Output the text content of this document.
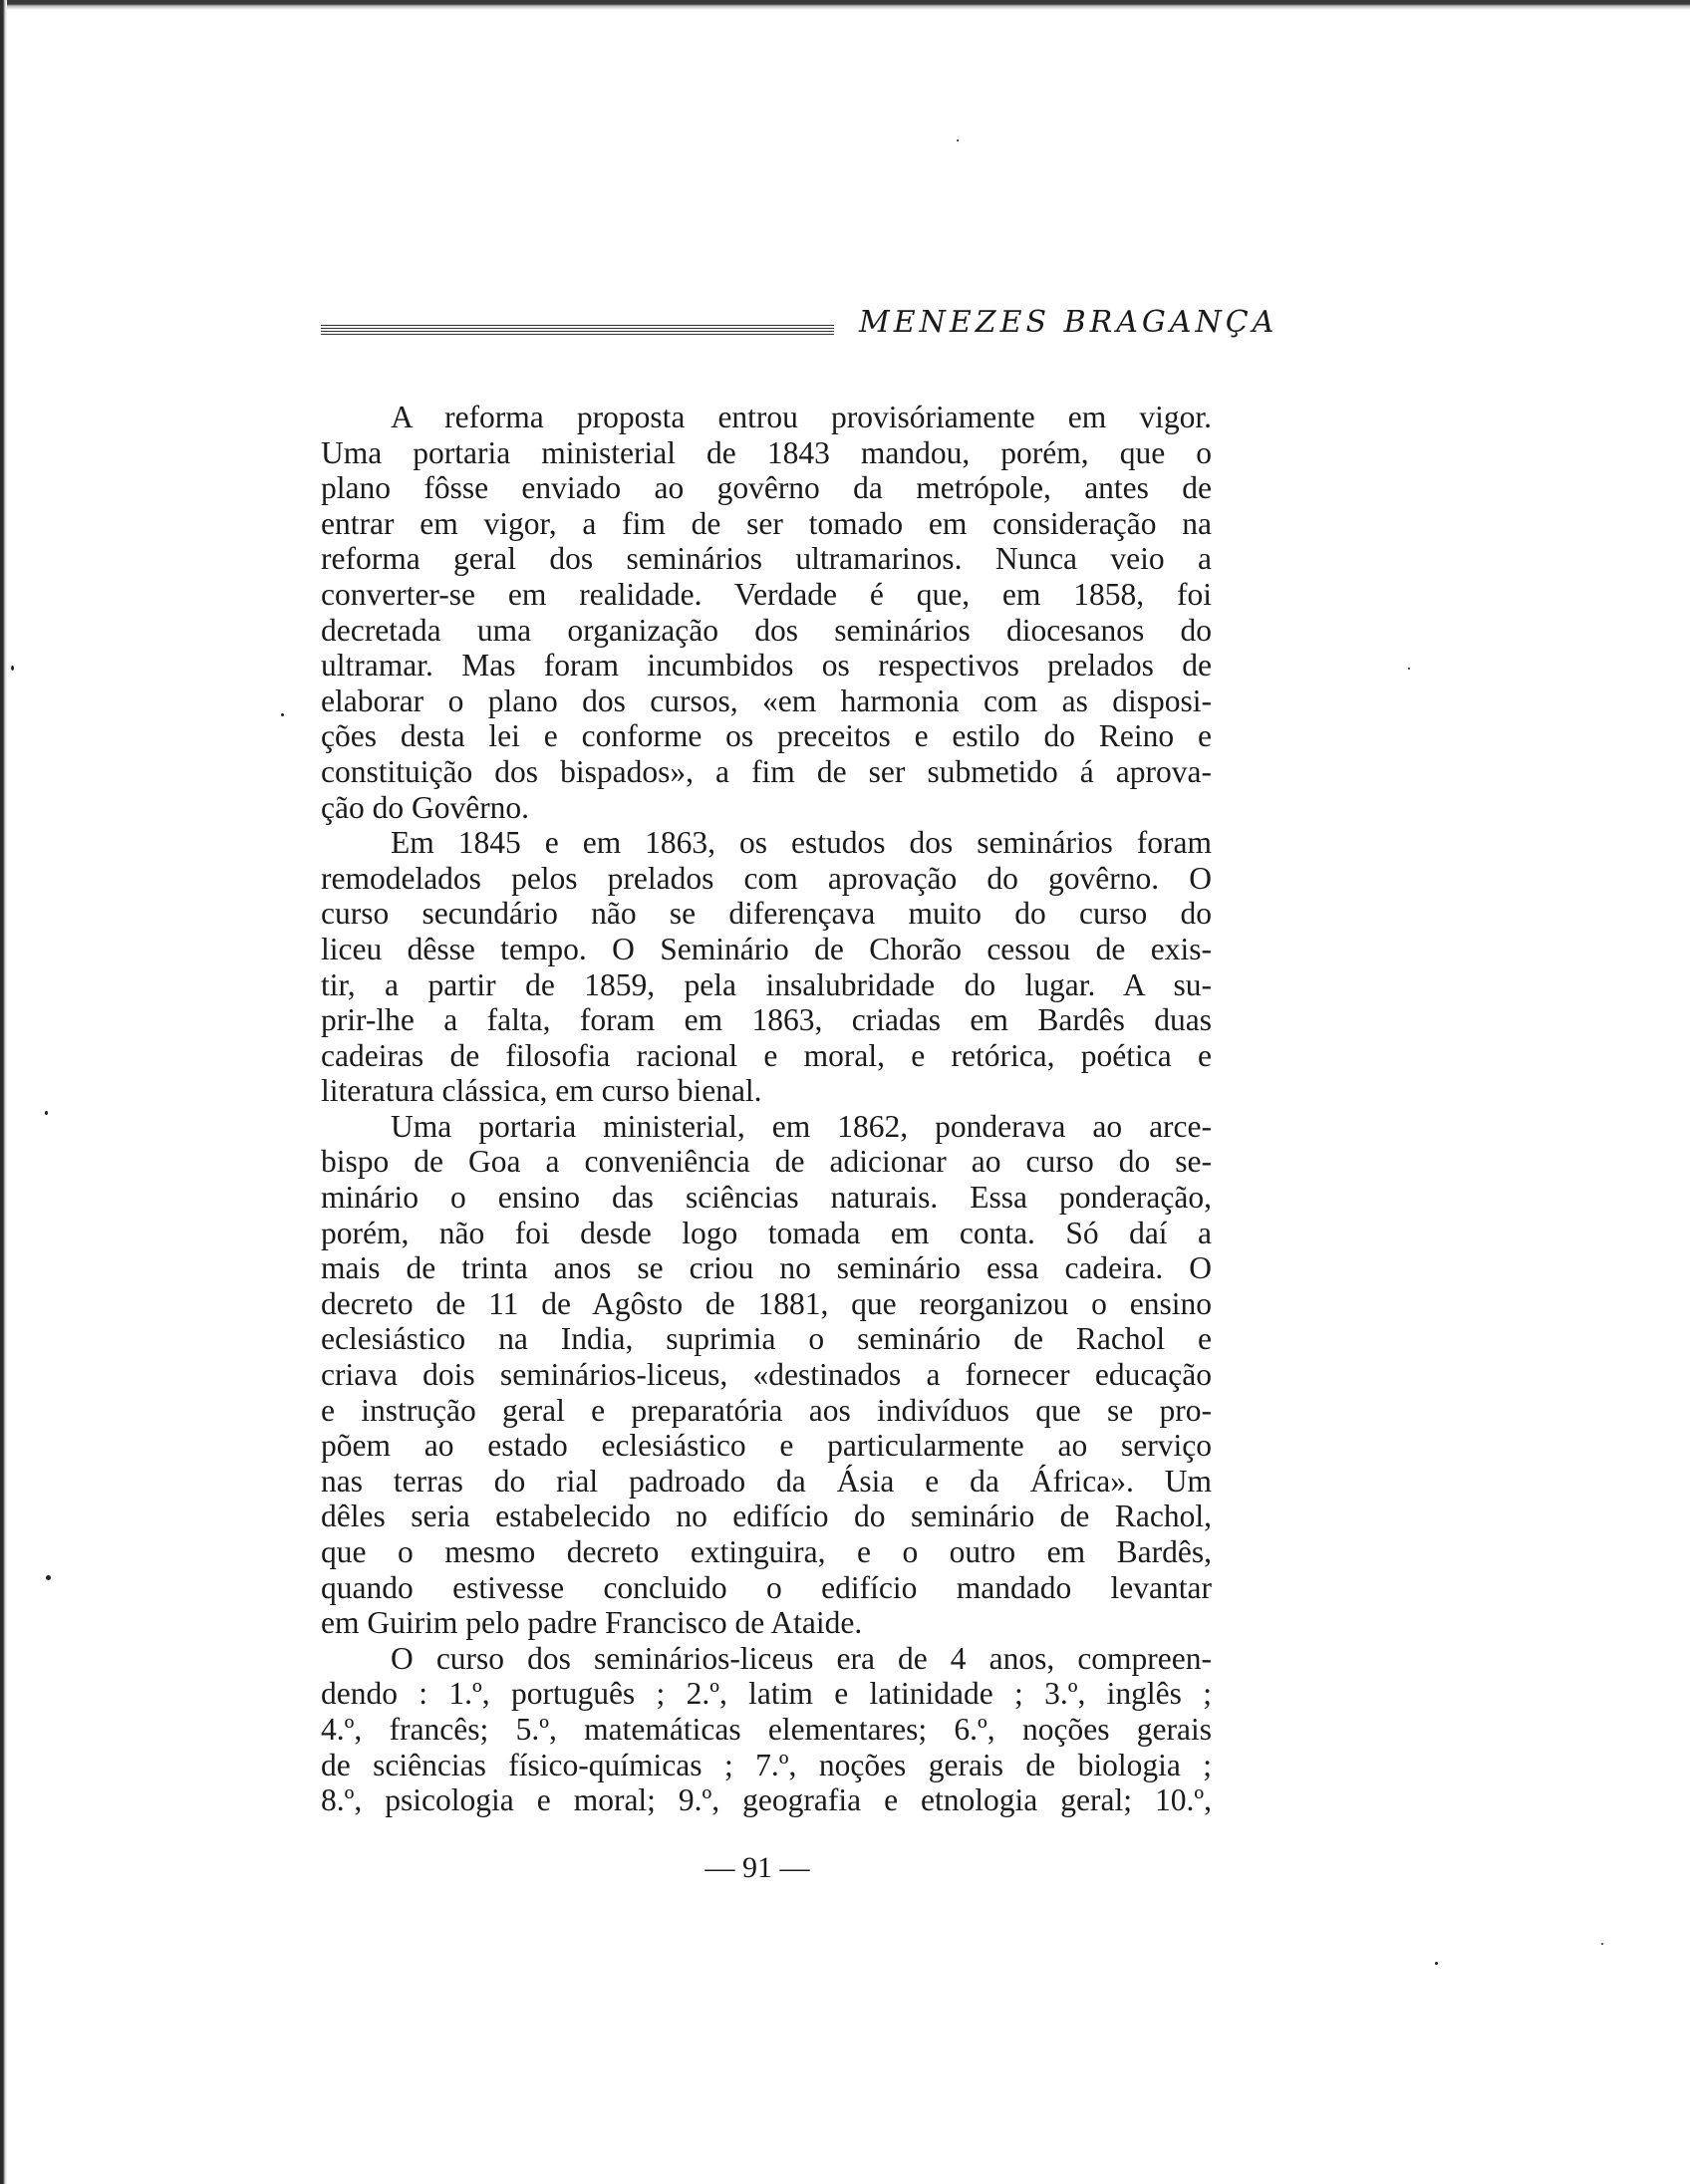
MENEZES BRAGANÇA
A reforma proposta entrou provisóriamente em vigor.
Uma portaria ministerial de 1843 mandou, porém, que o
plano fôsse enviado ao govêrno da metrópole, antes de
entrar em vigor, a fim de ser tomado em consideração na
reforma geral dos seminários ultramarinos. Nunca veio a
converter-se em realidade. Verdade é que, em 1858, foi
decretada uma organização dos seminários diocesanos do
ultramar. Mas foram incumbidos os respectivos prelados de
elaborar o plano dos cursos, «em harmonia com as disposi-
ções desta lei e conforme os preceitos e estilo do Reino e
constituição dos bispados», a fim de ser submetido á aprova-
ção do Govêrno.
Em 1845 e em 1863, os estudos dos seminários foram
remodelados pelos prelados com aprovação do govêrno. O
curso secundário não se diferençava muito do curso do
liceu dêsse tempo. O Seminário de Chorão cessou de exis-
tir, a partir de 1859, pela insalubridade do lugar. A su-
prir-lhe a falta, foram em 1863, criadas em Bardês duas
cadeiras de filosofia racional e moral, e retórica, poética e
literatura clássica, em curso bienal.
Uma portaria ministerial, em 1862, ponderava ao arce-
bispo de Goa a conveniência de adicionar ao curso do se-
minário o ensino das sciências naturais. Essa ponderação,
porém, não foi desde logo tomada em conta. Só daí a
mais de trinta anos se criou no seminário essa cadeira. O
decreto de 11 de Agôsto de 1881, que reorganizou o ensino
eclesiástico na India, suprimia o seminário de Rachol e
criava dois seminários-liceus, «destinados a fornecer educação
e instrução geral e preparatória aos indivíduos que se pro-
põem ao estado eclesiástico e particularmente ao serviço
nas terras do rial padroado da Ásia e da África». Um
dêles seria estabelecido no edifício do seminário de Rachol,
que o mesmo decreto extinguira, e o outro em Bardês,
quando estivesse concluido o edifício mandado levantar
em Guirim pelo padre Francisco de Ataide.
O curso dos seminários-liceus era de 4 anos, compreen-
dendo : 1.º, português ; 2.º, latim e latinidade ; 3.º, inglês ;
4.º, francês; 5.º, matemáticas elementares; 6.º, noções gerais
de sciências físico-químicas ; 7.º, noções gerais de biologia ;
8.º, psicologia e moral; 9.º, geografia e etnologia geral; 10.º,
— 91 —
